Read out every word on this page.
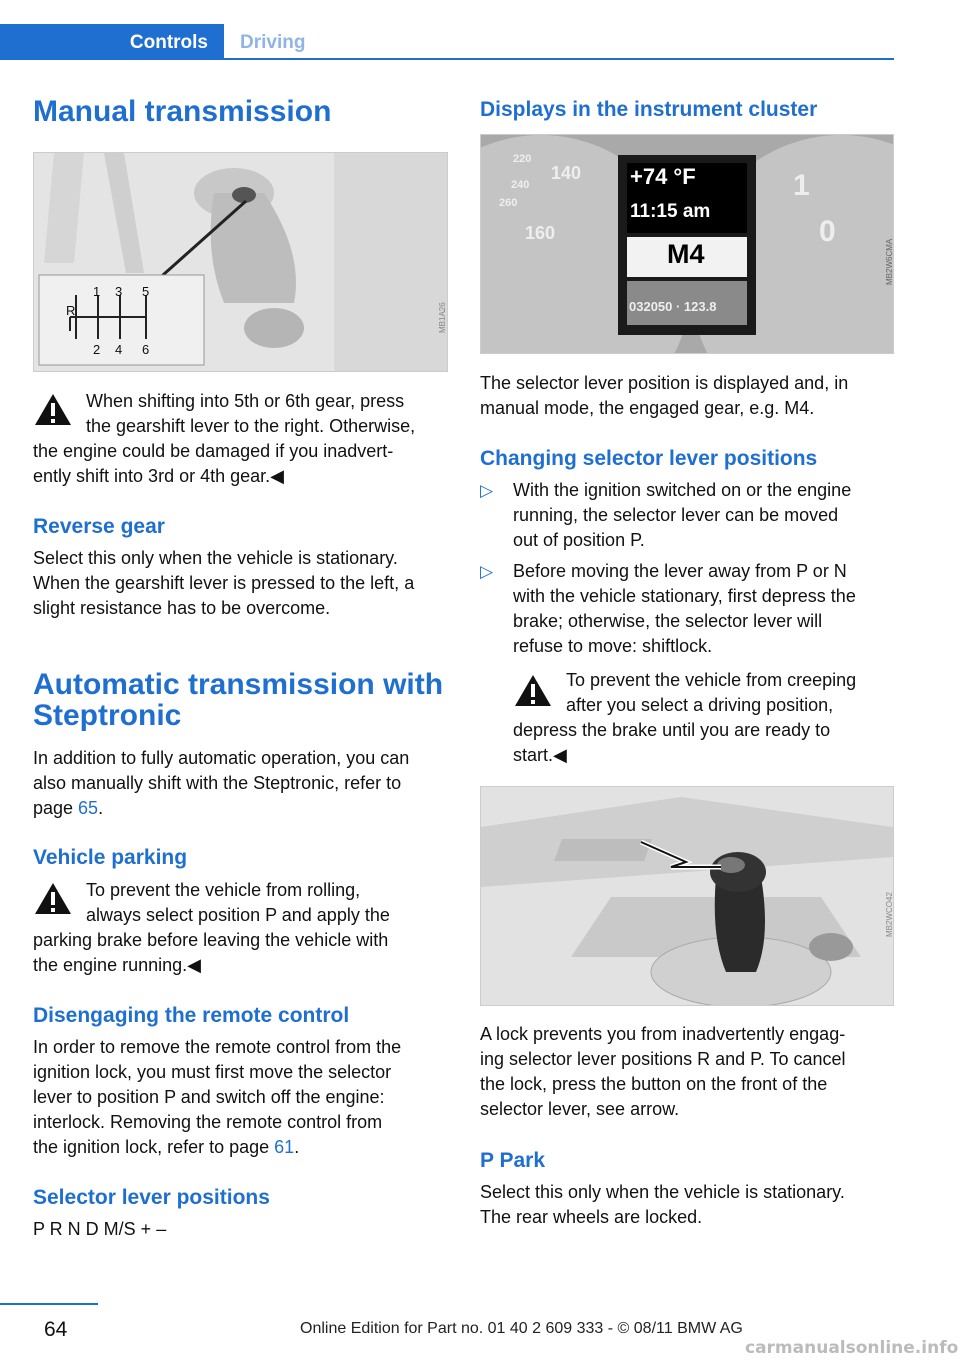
Controls	Driving
Manual transmission
R
1 3 5
2 4 6
MB1A26
When shifting into 5th or 6th gear, press
the gearshift lever to the right. Otherwise,
the engine could be damaged if you inadvert-
ently shift into 3rd or 4th gear.◀
Reverse gear
Select this only when the vehicle is stationary.
When the gearshift lever is pressed to the left, a
slight resistance has to be overcome.
Automatic transmission with
Steptronic
In addition to fully automatic operation, you can
also manually shift with the Steptronic, refer to
page 65.
Vehicle parking
To prevent the vehicle from rolling,
always select position P and apply the
parking brake before leaving the vehicle with
the engine running.◀
Disengaging the remote control
In order to remove the remote control from the
ignition lock, you must first move the selector
lever to position P and switch off the engine:
interlock. Removing the remote control from
the ignition lock, refer to page 61.
Selector lever positions
P R N D M/S + –
Displays in the instrument cluster
+74 °F
11:15 am
M4
032050 · 123.8
220
240
140
260
160
1
0
MB2W6CMA
The selector lever position is displayed and, in
manual mode, the engaged gear, e.g. M4.
Changing selector lever positions
▷ With the ignition switched on or the engine
running, the selector lever can be moved
out of position P.
▷ Before moving the lever away from P or N
with the vehicle stationary, first depress the
brake; otherwise, the selector lever will
refuse to move: shiftlock.
To prevent the vehicle from creeping
after you select a driving position,
depress the brake until you are ready to
start.◀
MB2WCO42
A lock prevents you from inadvertently engag-
ing selector lever positions R and P. To cancel
the lock, press the button on the front of the
selector lever, see arrow.
P Park
Select this only when the vehicle is stationary.
The rear wheels are locked.
64	Online Edition for Part no. 01 40 2 609 333 - © 08/11 BMW AG
carmanualsonline.info
